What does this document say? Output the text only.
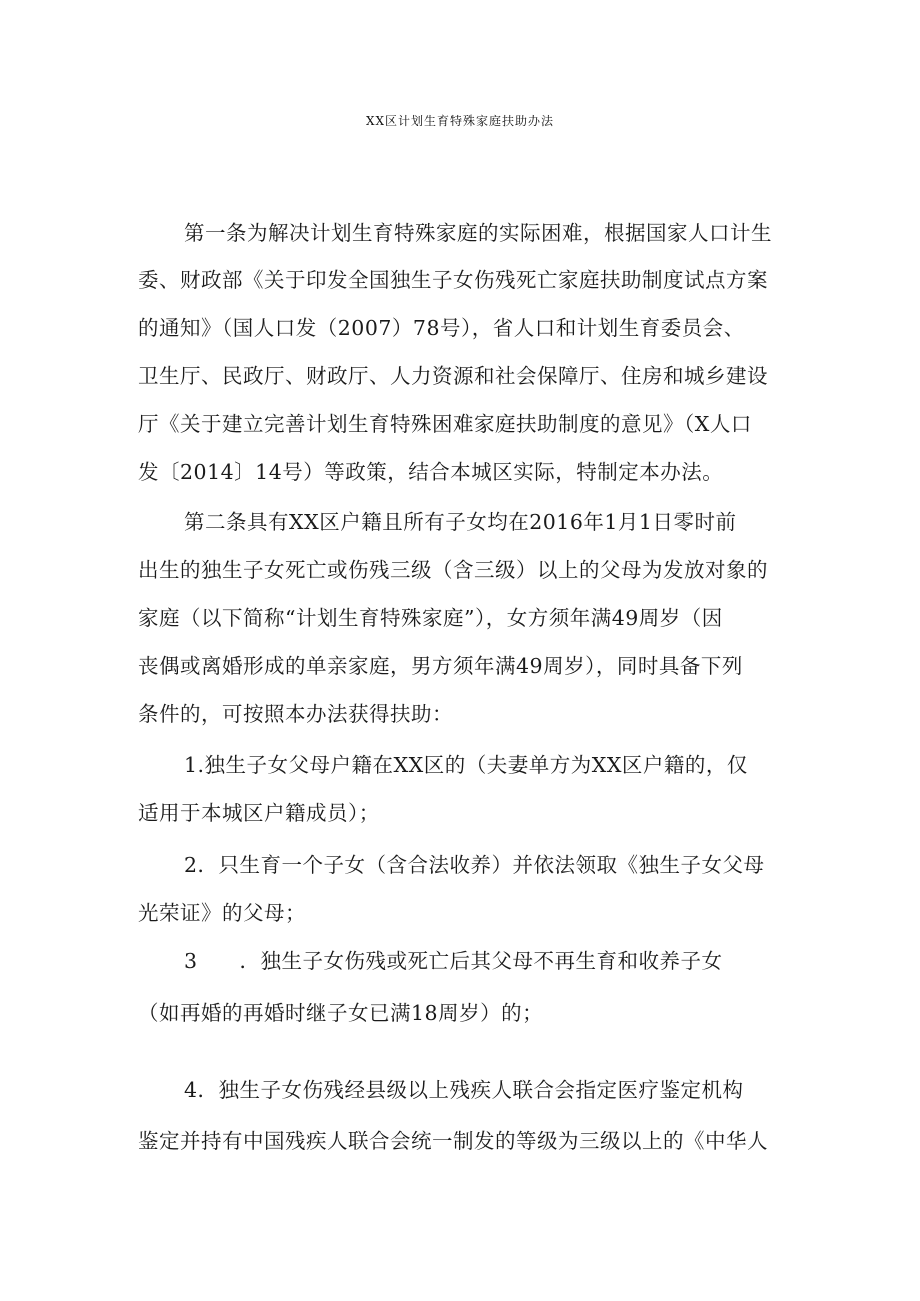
XX区计划生育特殊家庭扶助办法
第一条为解决计划生育特殊家庭的实际困难，根据国家人口计生
委、财政部《关于印发全国独生子女伤残死亡家庭扶助制度试点方案
的通知》（国人口发（2007）78号），省人口和计划生育委员会、
卫生厅、民政厅、财政厅、人力资源和社会保障厅、住房和城乡建设
厅《关于建立完善计划生育特殊困难家庭扶助制度的意见》（X人口
发〔2014〕14号）等政策，结合本城区实际，特制定本办法。
第二条具有XX区户籍且所有子女均在2016年1月1日零时前
出生的独生子女死亡或伤残三级（含三级）以上的父母为发放对象的
家庭（以下简称“计划生育特殊家庭”），女方须年满49周岁（因
丧偶或离婚形成的单亲家庭，男方须年满49周岁），同时具备下列
条件的，可按照本办法获得扶助：
1.独生子女父母户籍在XX区的（夫妻单方为XX区户籍的，仅
适用于本城区户籍成员）；
2．只生育一个子女（含合法收养）并依法领取《独生子女父母
光荣证》的父母；
3　　．独生子女伤残或死亡后其父母不再生育和收养子女
（如再婚的再婚时继子女已满18周岁）的；
4．独生子女伤残经县级以上残疾人联合会指定医疗鉴定机构
鉴定并持有中国残疾人联合会统一制发的等级为三级以上的《中华人
